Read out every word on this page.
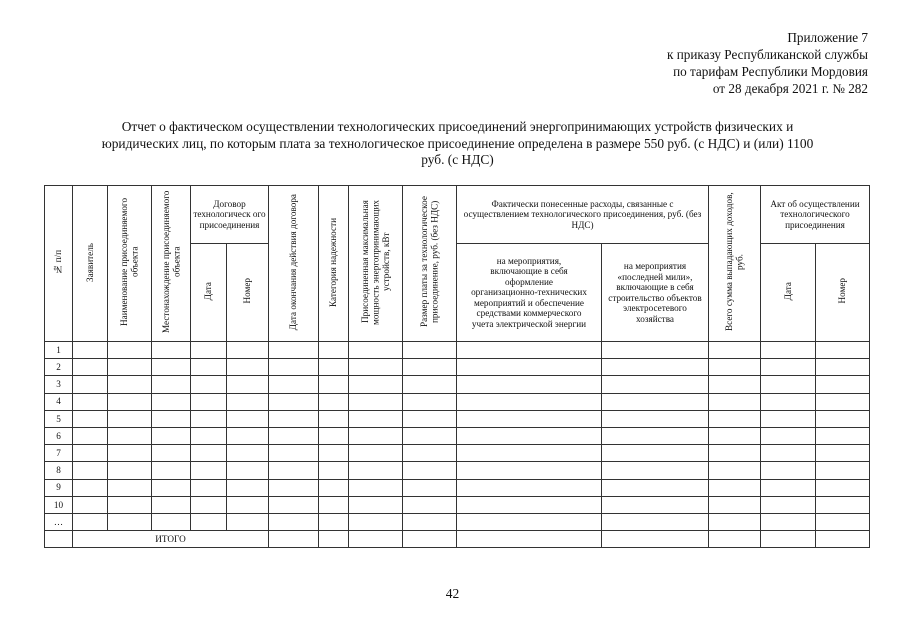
Приложение 7
к приказу Республиканской службы
по тарифам Республики Мордовия
от 28 декабря 2021 г. № 282
Отчет о фактическом осуществлении технологических присоединений энергопринимающих устройств физических и
юридических лиц, по которым плата за технологическое присоединение определена в размере 550 руб. (с НДС) и (или) 1100
руб. (с НДС)
№ п/п	Заявитель	Наименование присоединяемого объекта	Местонахождение присоединяемого объекта	Договор технологическ ого присоединения		Дата окончания действия договора	Категория надежности	Присоединенная максимальная мощность энергопринимающих устройств, кВт	Размер платы за технологическое присоединение, руб. (без НДС)	Фактически понесенные расходы, связанные с осуществлением технологического присоединения, руб. (без НДС)		Всего сумма выпадающих доходов, руб.	Акт об осуществлении технологического присоединения	
				Дата	Номер					на мероприятия, включающие в себя оформление организационно-технических мероприятий и обеспечение средствами коммерческого учета электрической энергии	на мероприятия «последней мили», включающие в себя строительство объектов электросетевого хозяйства		Дата	Номер
1														
2														
3														
4														
5														
6														
7														
8														
9														
10														
…														
	ИТОГО													
42
